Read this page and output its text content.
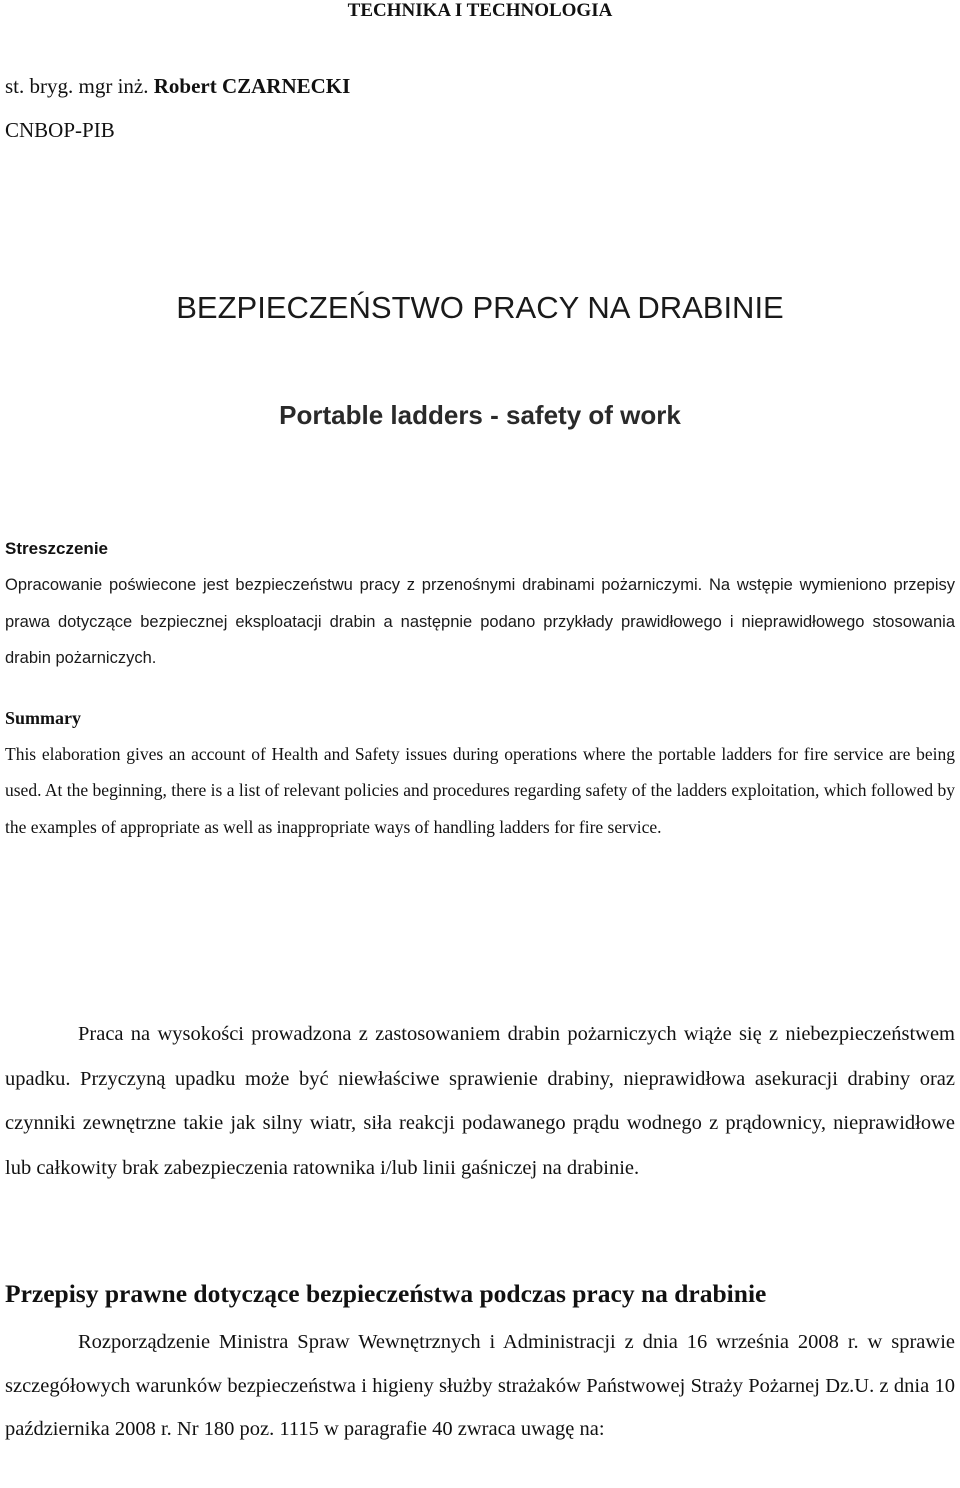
TECHNIKA I TECHNOLOGIA

st. bryg. mgr inż. Robert CZARNECKI

CNBOP-PIB

BEZPIECZEŃSTWO PRACY NA DRABINIE
Portable ladders - safety of work

Streszczenie

Opracowanie poświecone jest bezpieczeństwu pracy z przenośnymi drabinami pożarniczymi. Na wstępie wymieniono przepisy prawa dotyczące bezpiecznej eksploatacji drabin a następnie podano przykłady prawidłowego i nieprawidłowego stosowania drabin pożarniczych.

Summary

This elaboration gives an account of Health and Safety issues during operations where the portable ladders for fire service are being used. At the beginning, there is a list of relevant policies and procedures regarding safety of the ladders exploitation, which followed by the examples of appropriate as well as inappropriate ways of handling ladders for fire service.

Praca na wysokości prowadzona z zastosowaniem drabin pożarniczych wiąże się z niebezpieczeństwem upadku. Przyczyną upadku może być niewłaściwe sprawienie drabiny, nieprawidłowa asekuracji drabiny oraz czynniki zewnętrzne takie jak silny wiatr, siła reakcji podawanego prądu wodnego z prądownicy, nieprawidłowe lub całkowity brak zabezpieczenia ratownika i/lub linii gaśniczej na drabinie.

Przepisy prawne dotyczące bezpieczeństwa podczas pracy na drabinie

Rozporządzenie Ministra Spraw Wewnętrznych i Administracji z dnia 16 września 2008 r. w sprawie szczegółowych warunków bezpieczeństwa i higieny służby strażaków Państwowej Straży Pożarnej Dz.U. z dnia 10 października 2008 r. Nr 180 poz. 1115 w paragrafie 40 zwraca uwagę na:
